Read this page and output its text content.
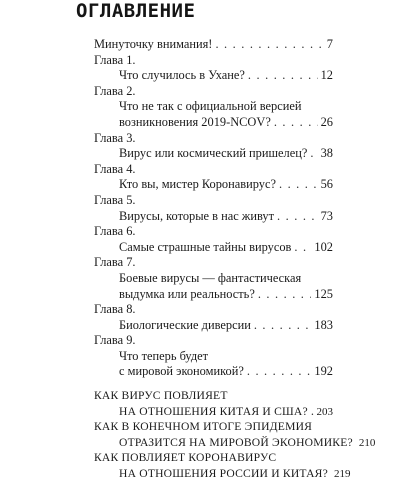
ОГЛАВЛЕНИЕ
Минуточку внимания! . . .	7
Глава 1.
Что случилось в Ухане? . . .	12
Глава 2.
Что не так с официальной версией
возникновения 2019-NCOV? . . .	26
Глава 3.
Вирус или космический пришелец? . . . 38
Глава 4.
Кто вы, мистер Коронавирус? . . .	56
Глава 5.
Вирусы, которые в нас живут . . .	73
Глава 6.
Самые страшные тайны вирусов . . . 102
Глава 7.
Боевые вирусы — фантастическая
выдумка или реальность? . . .	125
Глава 8.
Биологические диверсии . . .	183
Глава 9.
Что теперь будет
с мировой экономикой? . . .	192
КАК ВИРУС ПОВЛИЯЕТ
НА ОТНОШЕНИЯ КИТАЯ И США? . . . 203
КАК В КОНЕЧНОМ ИТОГЕ ЭПИДЕМИЯ
ОТРАЗИТСЯ НА МИРОВОЙ ЭКОНОМИКЕ? 210
КАК ПОВЛИЯЕТ КОРОНАВИРУС
НА ОТНОШЕНИЯ РОССИИ И КИТАЯ? 219
